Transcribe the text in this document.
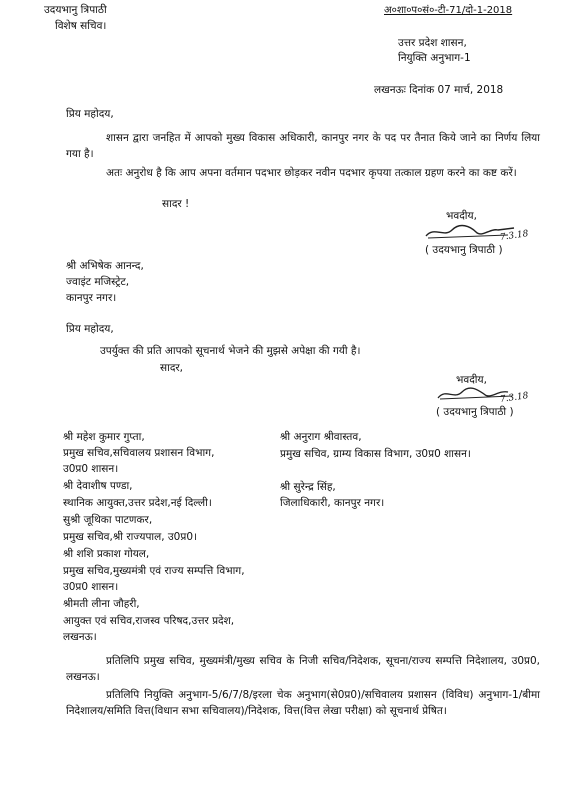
उदयभानु त्रिपाठी
विशेष सचिव।
अ०शा०प०सं०-टी-71/दो-1-2018
उत्तर प्रदेश शासन,
नियुक्ति अनुभाग-1
लखनऊः दिनांक 07 मार्च, 2018
प्रिय महोदय,
शासन द्वारा जनहित में आपको मुख्य विकास अधिकारी, कानपुर नगर के पद पर तैनात किये जाने का निर्णय लिया गया है।
अतः अनुरोध है कि आप अपना वर्तमान पदभार छोड़कर नवीन पदभार कृपया तत्काल ग्रहण करने का कष्ट करें।
सादर !
भवदीय,
7.3.18
( उदयभानु त्रिपाठी )
श्री अभिषेक आनन्द,
ज्वाइंट मजिस्ट्रेट,
कानपुर नगर।
प्रिय महोदय,
उपर्युक्त की प्रति आपको सूचनार्थ भेजने की मुझसे अपेक्षा की गयी है।
सादर,
भवदीय,
7.3.18
( उदयभानु त्रिपाठी )
श्री महेश कुमार गुप्ता,
प्रमुख सचिव,सचिवालय प्रशासन विभाग,
उ0प्र0 शासन।
श्री देवाशीष पण्डा,
स्थानिक आयुक्त,उत्तर प्रदेश,नई दिल्ली।
सुश्री जूथिका पाटणकर,
प्रमुख सचिव,श्री राज्यपाल, उ0प्र0।
श्री शशि प्रकाश गोयल,
प्रमुख सचिव,मुख्यमंत्री एवं राज्य सम्पत्ति विभाग,
उ0प्र0 शासन।
श्रीमती लीना जौहरी,
आयुक्त एवं सचिव,राजस्व परिषद,उत्तर प्रदेश,
लखनऊ।
श्री अनुराग श्रीवास्तव,
प्रमुख सचिव, ग्राम्य विकास विभाग, उ0प्र0 शासन।
श्री सुरेन्द्र सिंह,
जिलाधिकारी, कानपुर नगर।
प्रतिलिपि प्रमुख सचिव, मुख्यमंत्री/मुख्य सचिव के निजी सचिव/निदेशक, सूचना/राज्य सम्पत्ति निदेशालय, उ0प्र0, लखनऊ।
प्रतिलिपि नियुक्ति अनुभाग-5/6/7/8/इरला चेक अनुभाग(से0प्र0)/सचिवालय प्रशासन (विविध) अनुभाग-1/बीमा निदेशालय/समिति वित्त(विधान सभा सचिवालय)/निदेशक, वित्त(वित्त लेखा परीक्षा) को सूचनार्थ प्रेषित।
